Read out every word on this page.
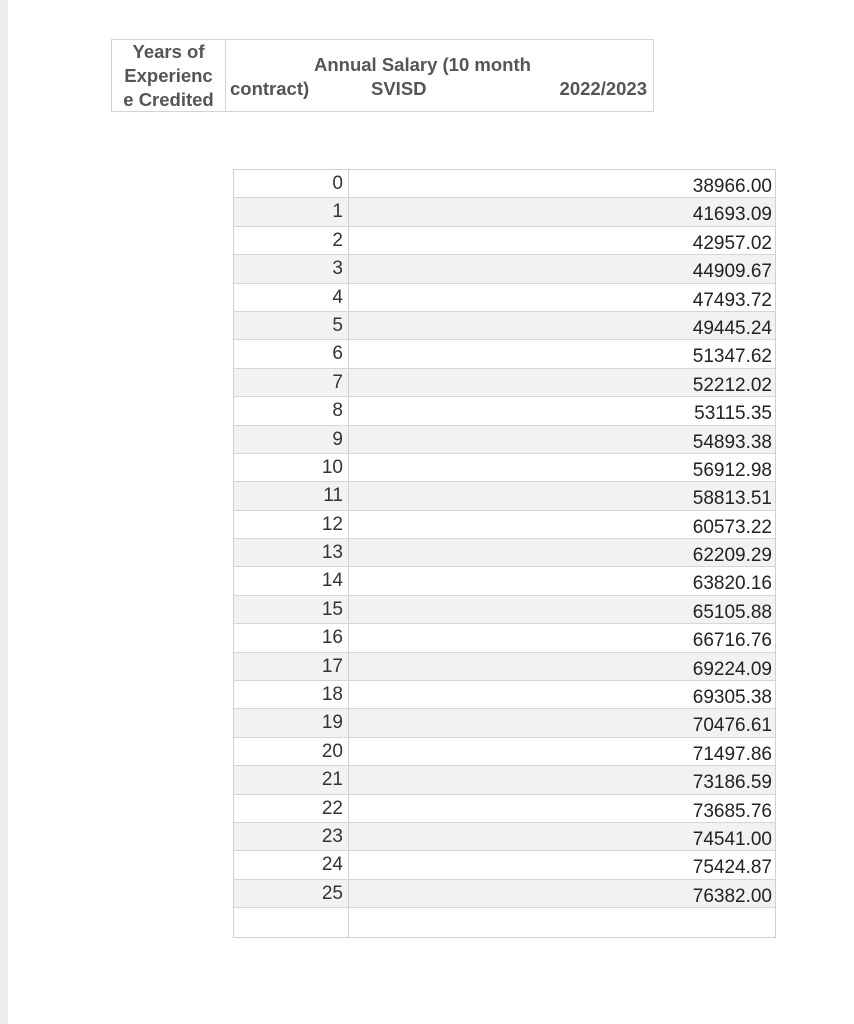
Years of
Experienc
e Credited
Annual Salary (10 month
contract)	SVISD	2022/2023
0	38966.00
1	41693.09
2	42957.02
3	44909.67
4	47493.72
5	49445.24
6	51347.62
7	52212.02
8	53115.35
9	54893.38
10	56912.98
11	58813.51
12	60573.22
13	62209.29
14	63820.16
15	65105.88
16	66716.76
17	69224.09
18	69305.38
19	70476.61
20	71497.86
21	73186.59
22	73685.76
23	74541.00
24	75424.87
25	76382.00
